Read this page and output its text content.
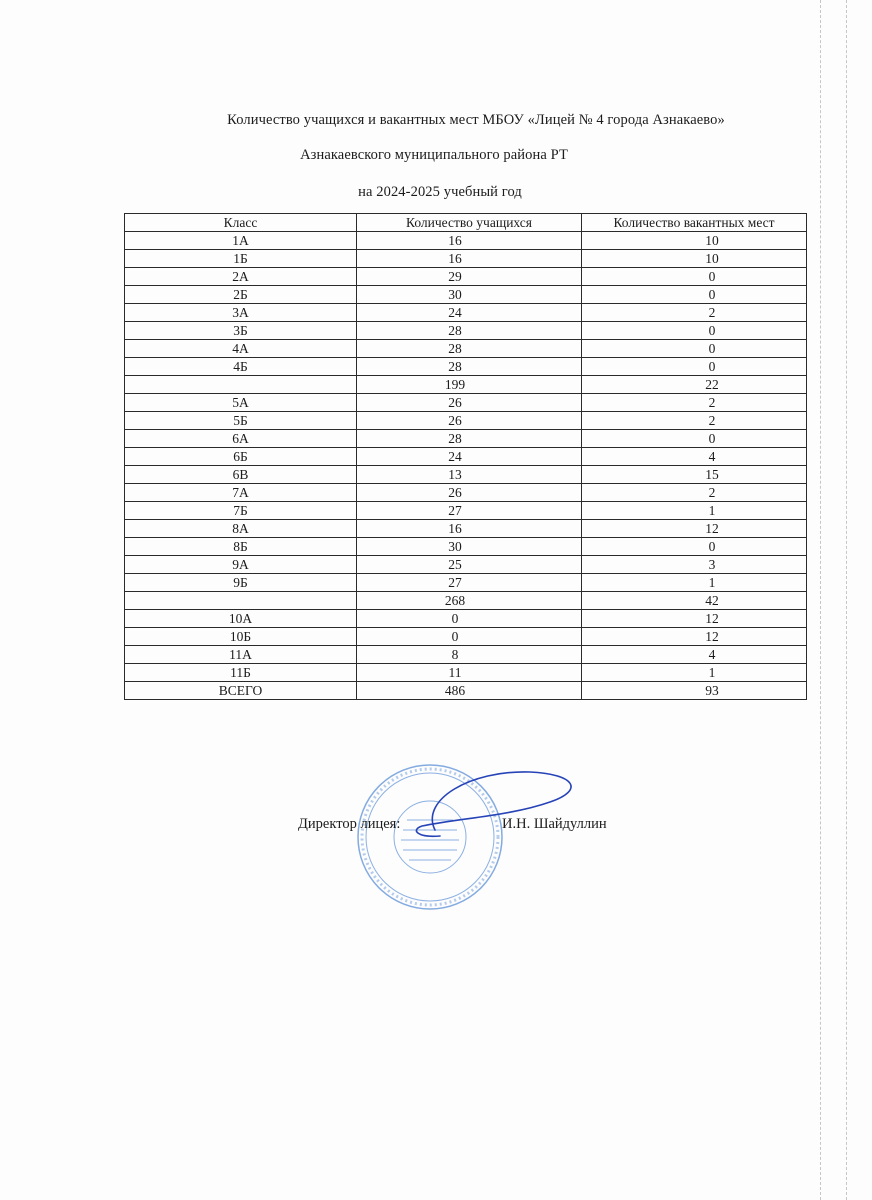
Количество учащихся и вакантных мест МБОУ «Лицей № 4 города Азнакаево»
Азнакаевского муниципального района РТ
на 2024-2025 учебный год
Класс	Количество учащихся	Количество вакантных мест
1А	16	10
1Б	16	10
2А	29	0
2Б	30	0
3А	24	2
3Б	28	0
4А	28	0
4Б	28	0
	199	22
5А	26	2
5Б	26	2
6А	28	0
6Б	24	4
6В	13	15
7А	26	2
7Б	27	1
8А	16	12
8Б	30	0
9А	25	3
9Б	27	1
	268	42
10А	0	12
10Б	0	12
11А	8	4
11Б	11	1
ВСЕГО	486	93
Директор лицея:	И.Н. Шайдуллин
